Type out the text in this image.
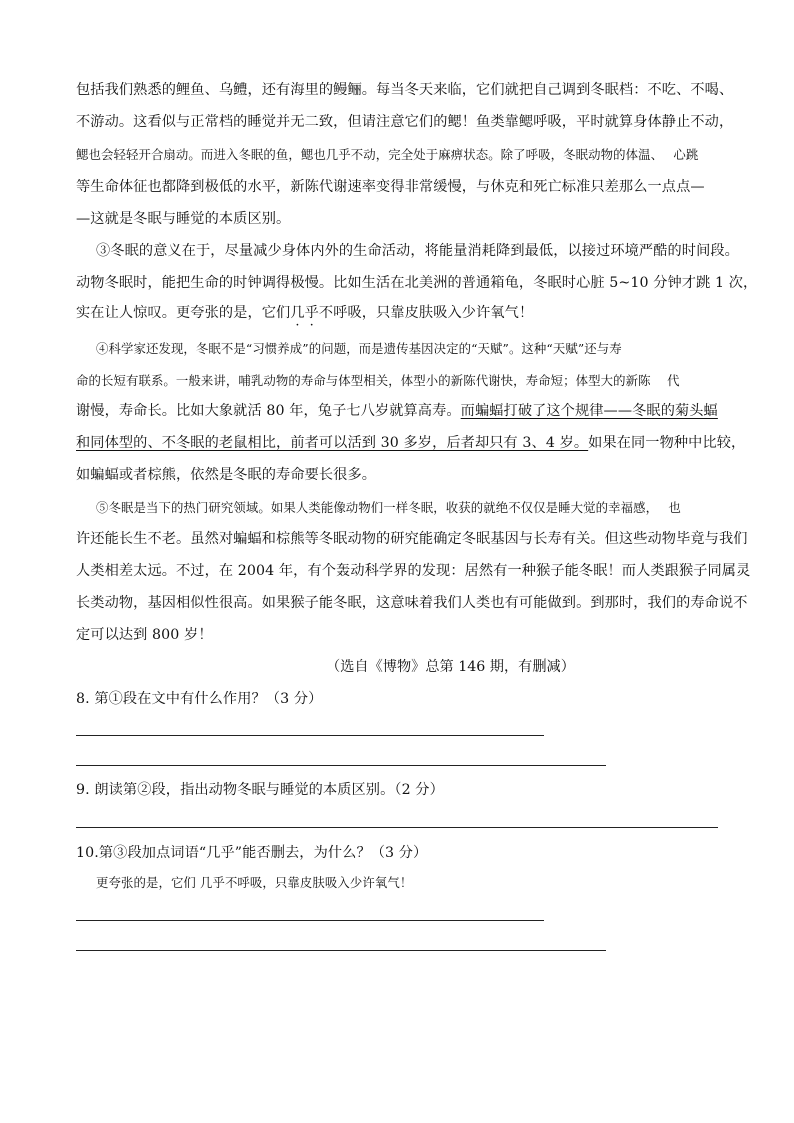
包括我们熟悉的鲤鱼、乌鳢，还有海里的鳗鲡。每当冬天来临，它们就把自己调到冬眠档：不吃、不喝、
不游动。这看似与正常档的睡觉并无二致，但请注意它们的鳃！鱼类靠鳃呼吸，平时就算身体静止不动，
鳃也会轻轻开合扇动。而进入冬眠的鱼，鳃也几乎不动，完全处于麻痹状态。除了呼吸，冬眠动物的体温、　 心跳
等生命体征也都降到极低的水平，新陈代谢速率变得非常缓慢，与休克和死亡标准只差那么一点点—
—这就是冬眠与睡觉的本质区别。
③冬眠的意义在于，尽量减少身体内外的生命活动，将能量消耗降到最低，以接过环境严酷的时间段。
动物冬眠时，能把生命的时钟调得极慢。比如生活在北美洲的普通箱龟，冬眠时心脏 5~10 分钟才跳 1 次，
实在让人惊叹。更夸张的是，它们几乎不呼吸，只靠皮肤吸入少许氧气！
④科学家还发现，冬眠不是“习惯养成”的问题，而是遗传基因决定的“天赋”。这种“天赋”还与寿
命的长短有联系。一般来讲，哺乳动物的寿命与体型相关，体型小的新陈代谢快，寿命短；体型大的新陈　 代
谢慢，寿命长。比如大象就活 80 年，兔子七八岁就算高寿。而蝙蝠打破了这个规律——冬眠的菊头蝠
和同体型的、不冬眠的老鼠相比，前者可以活到 30 多岁，后者却只有 3、4 岁。如果在同一物种中比较，
如蝙蝠或者棕熊，依然是冬眠的寿命要长很多。
⑤冬眠是当下的热门研究领域。如果人类能像动物们一样冬眠，收获的就绝不仅仅是睡大觉的幸福感，　 也
许还能长生不老。虽然对蝙蝠和棕熊等冬眠动物的研究能确定冬眠基因与长寿有关。但这些动物毕竟与我们
人类相差太远。不过，在 2004 年，有个轰动科学界的发现：居然有一种猴子能冬眠！而人类跟猴子同属灵
长类动物，基因相似性很高。如果猴子能冬眠，这意味着我们人类也有可能做到。到那时，我们的寿命说不
定可以达到 800 岁！
（选自《博物》总第 146 期，有删减）
8. 第①段在文中有什么作用？（3 分）
9. 朗读第②段，指出动物冬眠与睡觉的本质区别。（2 分）
10.第③段加点词语“几乎”能否删去，为什么？（3 分）
更夸张的是，它们 几乎不呼吸，只靠皮肤吸入少许氧气！
